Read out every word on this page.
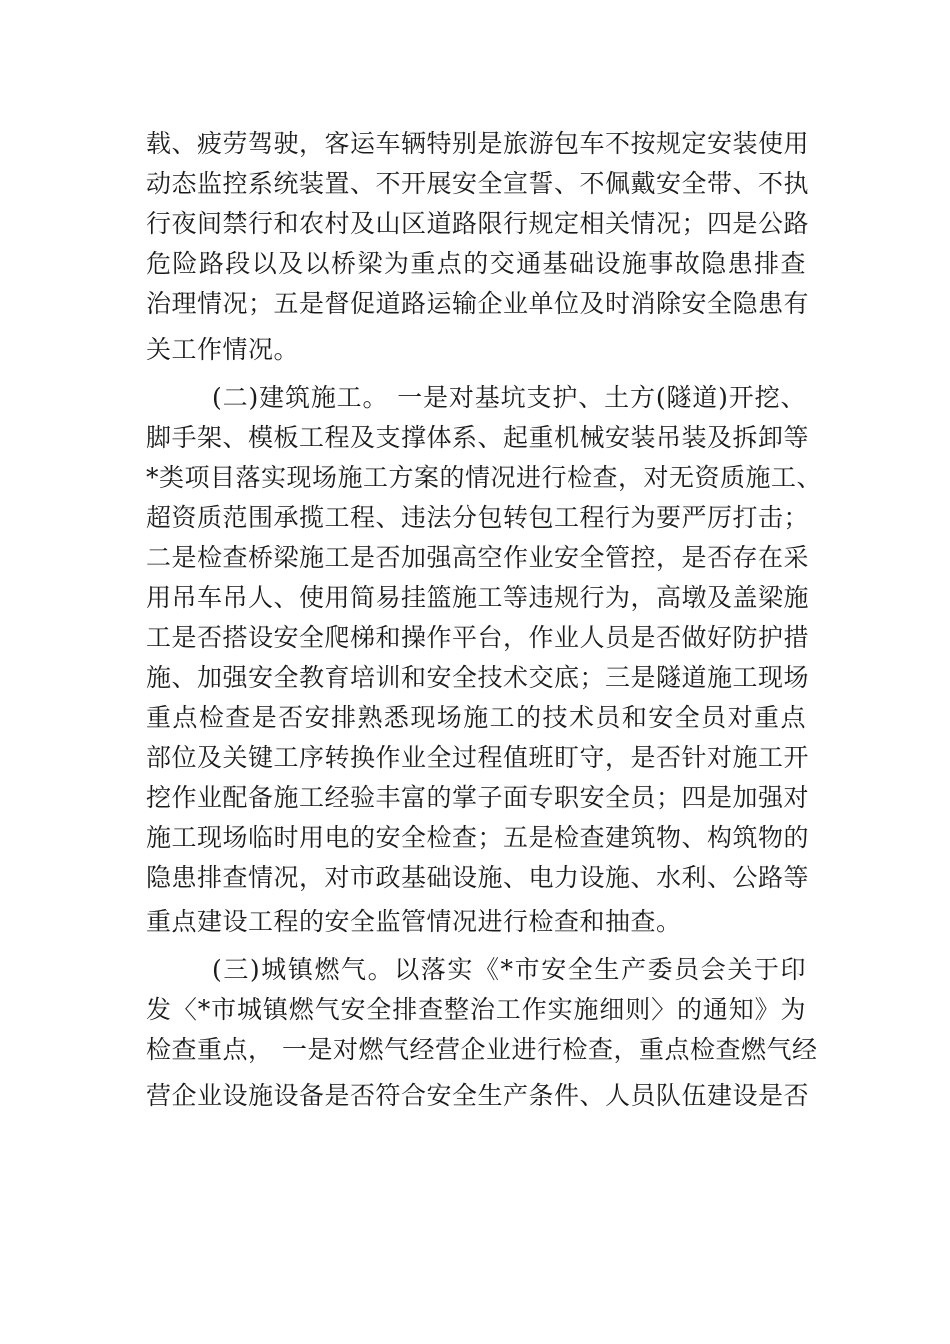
载、疲劳驾驶，客运车辆特别是旅游包车不按规定安装使用
动态监控系统装置、不开展安全宣誓、不佩戴安全带、不执
行夜间禁行和农村及山区道路限行规定相关情况；四是公路
危险路段以及以桥梁为重点的交通基础设施事故隐患排查
治理情况；五是督促道路运输企业单位及时消除安全隐患有
关工作情况。
(二)建筑施工。 一是对基坑支护、土方(隧道)开挖、
脚手架、模板工程及支撑体系、起重机械安装吊装及拆卸等
*类项目落实现场施工方案的情况进行检查，对无资质施工、
超资质范围承揽工程、违法分包转包工程行为要严厉打击；
二是检查桥梁施工是否加强高空作业安全管控，是否存在采
用吊车吊人、使用简易挂篮施工等违规行为，高墩及盖梁施
工是否搭设安全爬梯和操作平台，作业人员是否做好防护措
施、加强安全教育培训和安全技术交底；三是隧道施工现场
重点检查是否安排熟悉现场施工的技术员和安全员对重点
部位及关键工序转换作业全过程值班盯守，是否针对施工开
挖作业配备施工经验丰富的掌子面专职安全员；四是加强对
施工现场临时用电的安全检查；五是检查建筑物、构筑物的
隐患排查情况，对市政基础设施、电力设施、水利、公路等
重点建设工程的安全监管情况进行检查和抽查。
(三)城镇燃气。以落实《*市安全生产委员会关于印
发〈*市城镇燃气安全排查整治工作实施细则〉的通知》为
检查重点， 一是对燃气经营企业进行检查，重点检查燃气经
营企业设施设备是否符合安全生产条件、人员队伍建设是否
